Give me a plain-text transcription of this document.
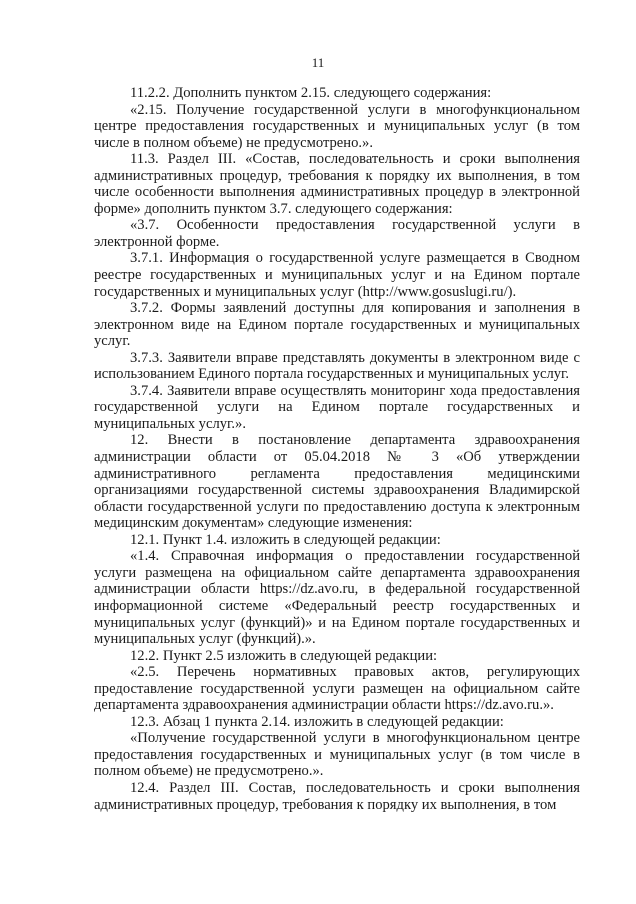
11

11.2.2. Дополнить пунктом 2.15. следующего содержания:

«2.15. Получение государственной услуги в многофункциональном центре предоставления государственных и муниципальных услуг (в том числе в полном объеме) не предусмотрено.».

11.3. Раздел III. «Состав, последовательность и сроки выполнения административных процедур, требования к порядку их выполнения, в том числе особенности выполнения административных процедур в электронной форме» дополнить пунктом 3.7. следующего содержания:

«3.7. Особенности предоставления государственной услуги в электронной форме.

3.7.1. Информация о государственной услуге размещается в Сводном реестре государственных и муниципальных услуг и на Едином портале государственных и муниципальных услуг (http://www.gosuslugi.ru/).

3.7.2. Формы заявлений доступны для копирования и заполнения в электронном виде на Едином портале государственных и муниципальных услуг.

3.7.3. Заявители вправе представлять документы в электронном виде с использованием Единого портала государственных и муниципальных услуг.

3.7.4. Заявители вправе осуществлять мониторинг хода предоставления государственной услуги на Едином портале государственных и муниципальных услуг.».

12. Внести в постановление департамента здравоохранения администрации области от 05.04.2018 № 3 «Об утверждении административного регламента предоставления медицинскими организациями государственной системы здравоохранения Владимирской области государственной услуги по предоставлению доступа к электронным медицинским документам» следующие изменения:

12.1. Пункт 1.4. изложить в следующей редакции:

«1.4. Справочная информация о предоставлении государственной услуги размещена на официальном сайте департамента здравоохранения администрации области https://dz.avo.ru, в федеральной государственной информационной системе «Федеральный реестр государственных и муниципальных услуг (функций)» и на Едином портале государственных и муниципальных услуг (функций).».

12.2. Пункт 2.5 изложить в следующей редакции:

«2.5. Перечень нормативных правовых актов, регулирующих предоставление государственной услуги размещен на официальном сайте департамента здравоохранения администрации области https://dz.avo.ru.».

12.3. Абзац 1 пункта 2.14. изложить в следующей редакции:

«Получение государственной услуги в многофункциональном центре предоставления государственных и муниципальных услуг (в том числе в полном объеме) не предусмотрено.».

12.4. Раздел III. Состав, последовательность и сроки выполнения административных процедур, требования к порядку их выполнения, в том
